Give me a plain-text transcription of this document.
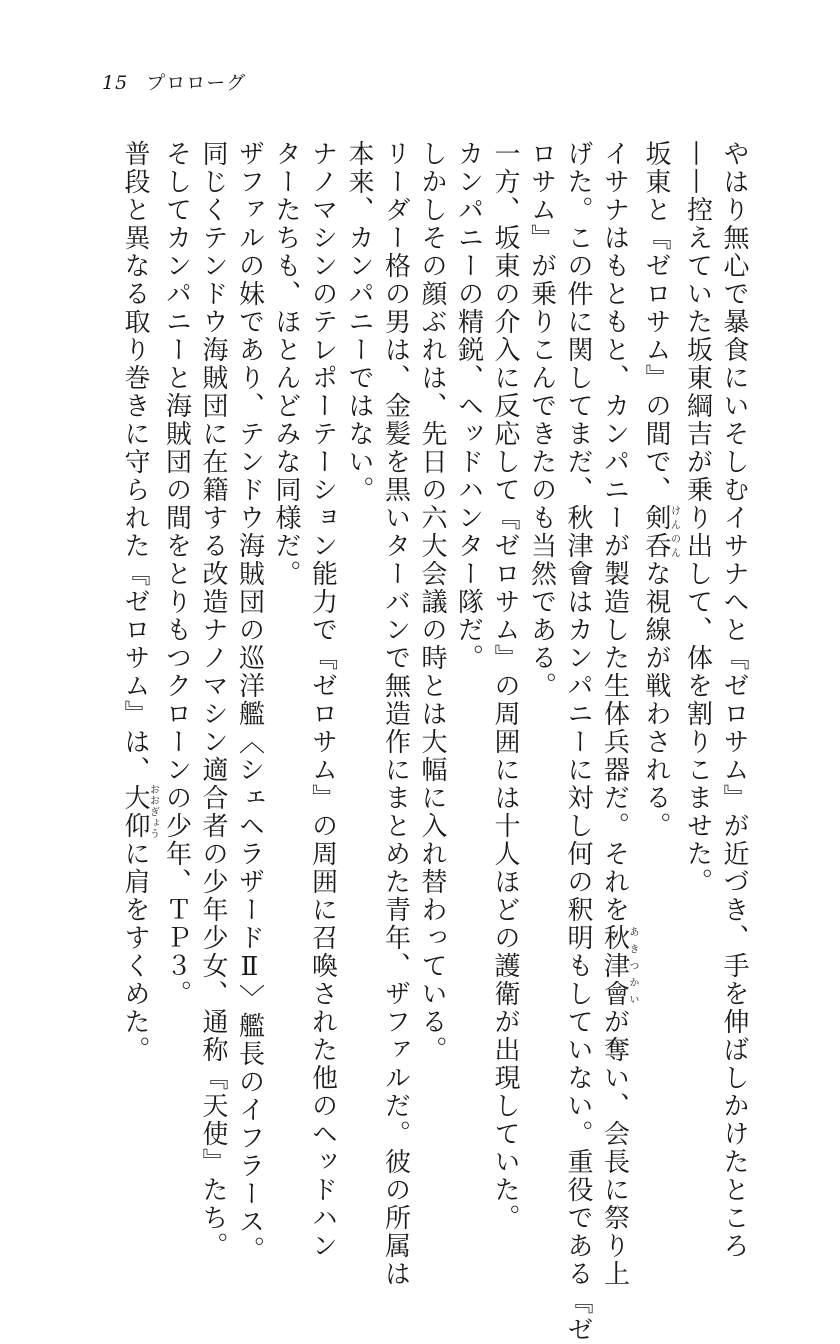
15 プロローグ

やはり無心で暴食にいそしむイサナへと『ゼロサム』が近づき、手を伸ばしかけたところ

——控えていた坂東綱吉が乗り出して、体を割りこませた。

坂東と『ゼロサム』の間で、剣呑けんのんな視線が戦わされる。

イサナはもともと、カンパニーが製造した生体兵器だ。それを秋津會あきつかいが奪い、会長に祭り上

げた。この件に関してまだ、秋津會はカンパニーに対し何の釈明もしていない。重役である『ゼ

ロサム』が乗りこんできたのも当然である。

一方、坂東の介入に反応して『ゼロサム』の周囲には十人ほどの護衛が出現していた。

カンパニーの精鋭、ヘッドハンター隊だ。

しかしその顔ぶれは、先日の六大会議の時とは大幅に入れ替わっている。

リーダー格の男は、金髪を黒いターバンで無造作にまとめた青年、ザファルだ。彼の所属は

本来、カンパニーではない。

ナノマシンのテレポーテーション能力で『ゼロサム』の周囲に召喚された他のヘッドハン

ターたちも、ほとんどみな同様だ。

ザファルの妹であり、テンドウ海賊団の巡洋艦〈シェヘラザードⅡ〉艦長のイフラース。

同じくテンドウ海賊団に在籍する改造ナノマシン適合者の少年少女、通称『天使』たち。

そしてカンパニーと海賊団の間をとりもつクローンの少年、ＴＰ３。

普段と異なる取り巻きに守られた『ゼロサム』は、大仰おおぎょうに肩をすくめた。
